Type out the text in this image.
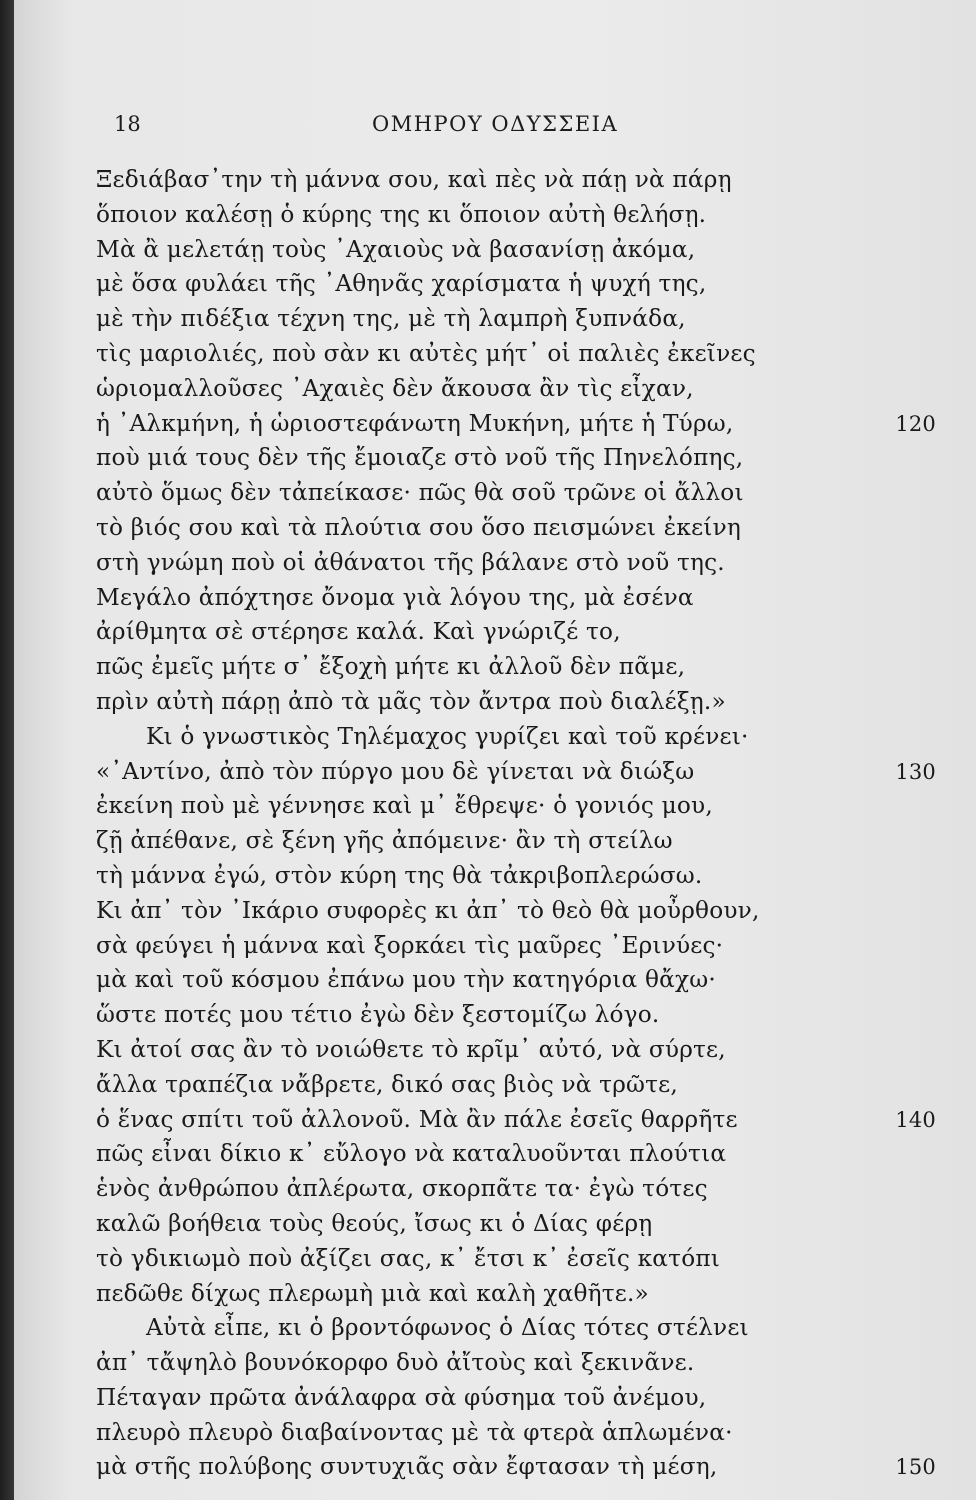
18	ΟΜΗΡΟΥ ΟΔΥΣΣΕΙΑ
Ξεδιάβασ᾿την τὴ μάννα σου, καὶ πὲς νὰ πάῃ νὰ πάρῃ
ὅποιον καλέσῃ ὁ κύρης της κι ὅποιον αὐτὴ θελήσῃ.
Μὰ ἂ μελετάῃ τοὺς ᾿Αχαιοὺς νὰ βασανίσῃ ἀκόμα,
μὲ ὅσα φυλάει τῆς ᾿Αθηνᾶς χαρίσματα ἡ ψυχή της,
μὲ τὴν πιδέξια τέχνη της, μὲ τὴ λαμπρὴ ξυπνάδα,
τὶς μαριολιές, ποὺ σὰν κι αὐτὲς μήτ᾿ οἱ παλιὲς ἐκεῖνες
ὡριομαλλοῦσες ᾿Αχαιὲς δὲν ἄκουσα ἂν τὶς εἶχαν,
ἡ ᾿Αλκμήνη, ἡ ὡριοστεφάνωτη Μυκήνη, μήτε ἡ Τύρω,	120
ποὺ μιά τους δὲν τῆς ἔμοιαζε στὸ νοῦ τῆς Πηνελόπης,
αὐτὸ ὅμως δὲν τἀπείκασε· πῶς θὰ σοῦ τρῶνε οἱ ἄλλοι
τὸ βιός σου καὶ τὰ πλούτια σου ὅσο πεισμώνει ἐκείνη
στὴ γνώμη ποὺ οἱ ἀθάνατοι τῆς βάλανε στὸ νοῦ της.
Μεγάλο ἀπόχτησε ὄνομα γιὰ λόγου της, μὰ ἐσένα
ἀρίθμητα σὲ στέρησε καλά. Καὶ γνώριζέ το,
πῶς ἐμεῖς μήτε σ᾿ ἔξοχὴ μήτε κι ἀλλοῦ δὲν πᾶμε,
πρὶν αὐτὴ πάρῃ ἀπὸ τὰ μᾶς τὸν ἄντρα ποὺ διαλέξῃ.»
Κι ὁ γνωστικὸς Τηλέμαχος γυρίζει καὶ τοῦ κρένει·
«᾿Αντίνο, ἀπὸ τὸν πύργο μου δὲ γίνεται νὰ διώξω	130
ἐκείνη ποὺ μὲ γέννησε καὶ μ᾿ ἔθρεψε· ὁ γονιός μου,
ζῇ ἀπέθανε, σὲ ξένη γῆς ἀπόμεινε· ἂν τὴ στείλω
τὴ μάννα ἐγώ, στὸν κύρη της θὰ τἀκριβοπλερώσω.
Κι ἀπ᾿ τὸν ᾿Ικάριο συφορὲς κι ἀπ᾿ τὸ θεὸ θὰ μοὖρθουν,
σὰ φεύγει ἡ μάννα καὶ ξορκάει τὶς μαῦρες ᾿Ερινύες·
μὰ καὶ τοῦ κόσμου ἐπάνω μου τὴν κατηγόρια θἄχω·
ὥστε ποτές μου τέτιο ἐγὼ δὲν ξεστομίζω λόγο.
Κι ἀτοί σας ἂν τὸ νοιώθετε τὸ κρῖμ᾿ αὐτό, νὰ σύρτε,
ἄλλα τραπέζια νἄβρετε, δικό σας βιὸς νὰ τρῶτε,
ὁ ἕνας σπίτι τοῦ ἀλλονοῦ. Μὰ ἂν πάλε ἐσεῖς θαρρῆτε	140
πῶς εἶναι δίκιο κ᾿ εὔλογο νὰ καταλυοῦνται πλούτια
ἑνὸς ἀνθρώπου ἀπλέρωτα, σκορπᾶτε τα· ἐγὼ τότες
καλῶ βοήθεια τοὺς θεούς, ἴσως κι ὁ Δίας φέρῃ
τὸ γδικιωμὸ ποὺ ἀξίζει σας, κ᾿ ἔτσι κ᾿ ἐσεῖς κατόπι
πεδῶθε δίχως πλερωμὴ μιὰ καὶ καλὴ χαθῆτε.»
Αὐτὰ εἶπε, κι ὁ βροντόφωνος ὁ Δίας τότες στέλνει
ἀπ᾿ τἄψηλὸ βουνόκορφο δυὸ ἀἴτοὺς καὶ ξεκινᾶνε.
Πέταγαν πρῶτα ἀνάλαφρα σὰ φύσημα τοῦ ἀνέμου,
πλευρὸ πλευρὸ διαβαίνοντας μὲ τὰ φτερὰ ἁπλωμένα·
μὰ στῆς πολύβοης συντυχιᾶς σὰν ἔφτασαν τὴ μέση,	150
